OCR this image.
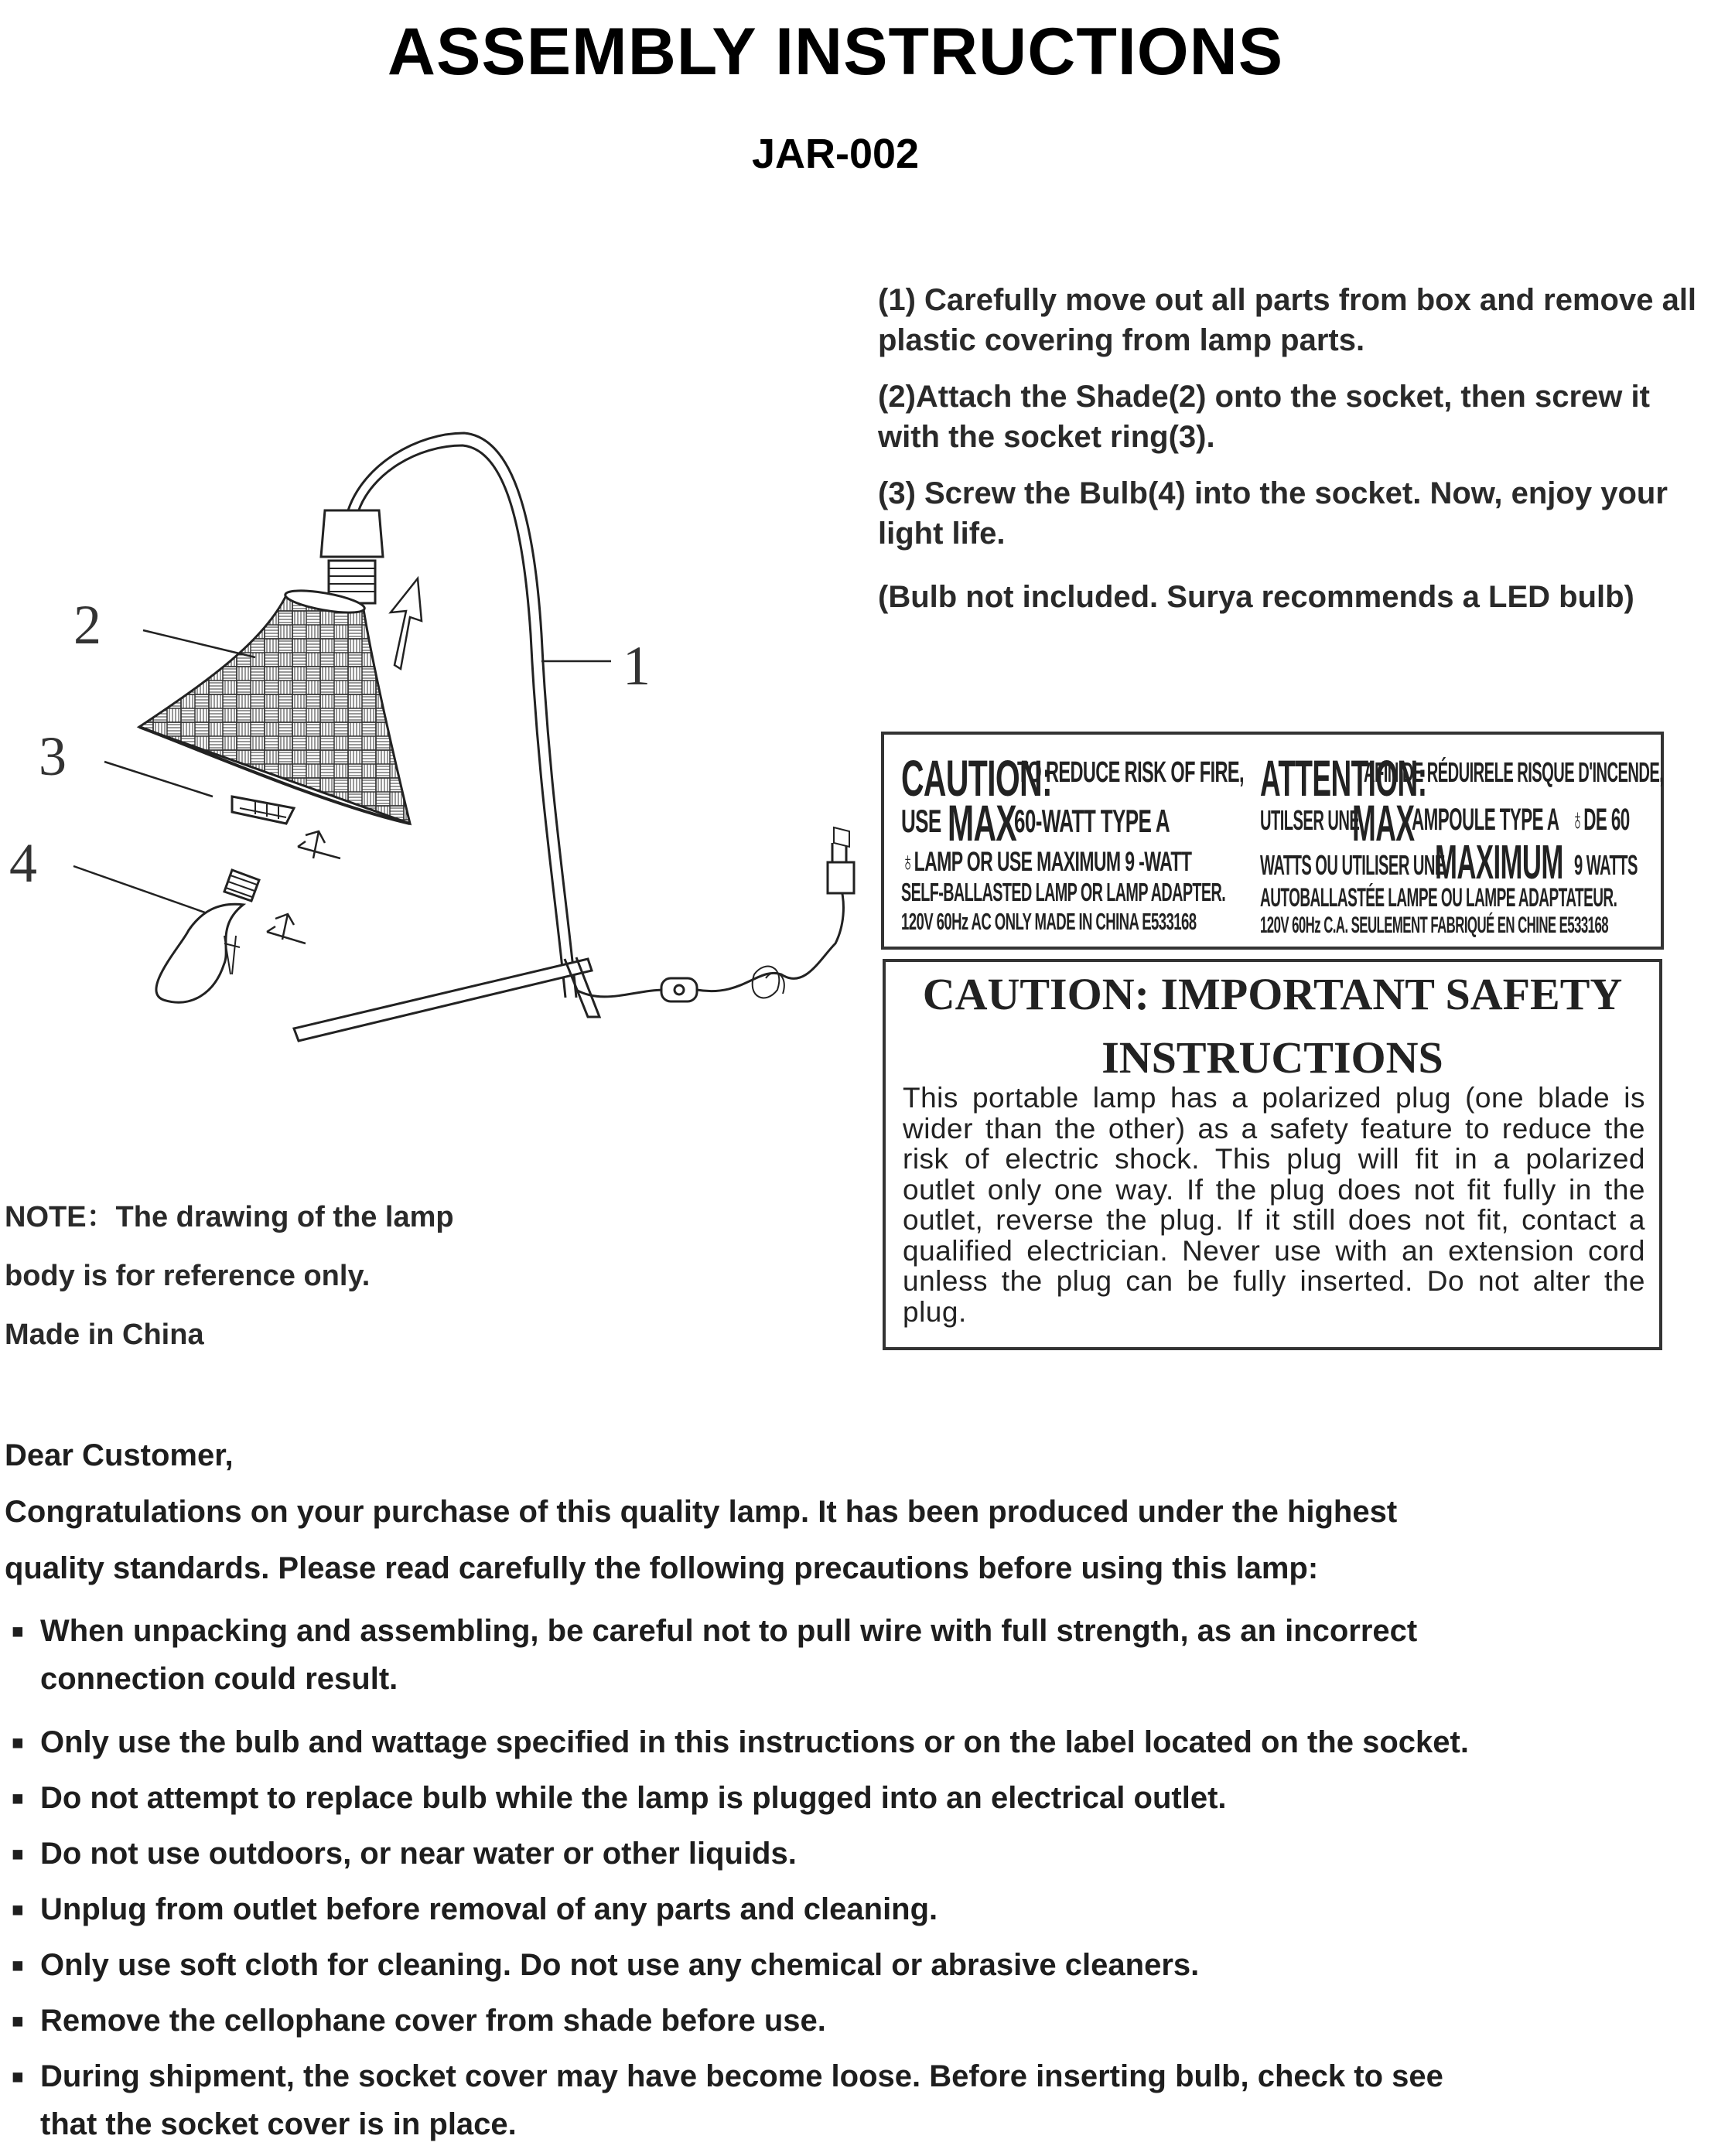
ASSEMBLY INSTRUCTIONS
JAR-002

(1) Carefully move out all parts from box and remove all plastic covering from lamp parts.

(2)Attach the Shade(2) onto the socket, then screw it with the socket ring(3).

(3) Screw the Bulb(4) into the socket. Now, enjoy your light life.

(Bulb not included. Surya recommends a LED bulb)

1
2
3
4
CAUTION:
TO REDUCE RISK OF FIRE,
USE MAX
60-WATT TYPE A
♁LAMP OR USE MAXIMUM 9 -WATT
SELF-BALLASTED LAMP OR LAMP ADAPTER.
120V 60Hz AC ONLY MADE IN CHINA E533168
ATTENTION:
AFIN DE RÉDUIRELE RISQUE D'INCENDE,
UTILSER UNE
MAX
AMPOULE TYPE A ♁DE 60
WATTS OU UTILISER UNE
MAXIMUM 9 WATTS
AUTOBALLASTÉE LAMPE OU LAMPE ADAPTATEUR.
120V 60Hz C.A. SEULEMENT FABRIQUÉ EN CHINE E533168
CAUTION: IMPORTANT SAFETY
INSTRUCTIONS
This portable lamp has a polarized plug (one blade is wider than the other) as a safety feature to reduce the risk of electric shock. This plug will fit in a polarized outlet only one way. If the plug does not fit fully in the outlet, reverse the plug. If it still does not fit, contact a qualified electrician. Never use with an extension cord unless the plug can be fully inserted. Do not alter the plug.
NOTE：The drawing of the lamp
body is for reference only.
Made in China
Dear Customer,
Congratulations on your purchase of this quality lamp. It has been produced under the highest
quality standards. Please read carefully the following precautions before using this lamp:
▪ When unpacking and assembling, be careful not to pull wire with full strength, as an incorrect connection could result.
▪ Only use the bulb and wattage specified in this instructions or on the label located on the socket.
▪ Do not attempt to replace bulb while the lamp is plugged into an electrical outlet.
▪ Do not use outdoors, or near water or other liquids.
▪ Unplug from outlet before removal of any parts and cleaning.
▪ Only use soft cloth for cleaning. Do not use any chemical or abrasive cleaners.
▪ Remove the cellophane cover from shade before use.
▪ During shipment, the socket cover may have become loose. Before inserting bulb, check to see that the socket cover is in place.
